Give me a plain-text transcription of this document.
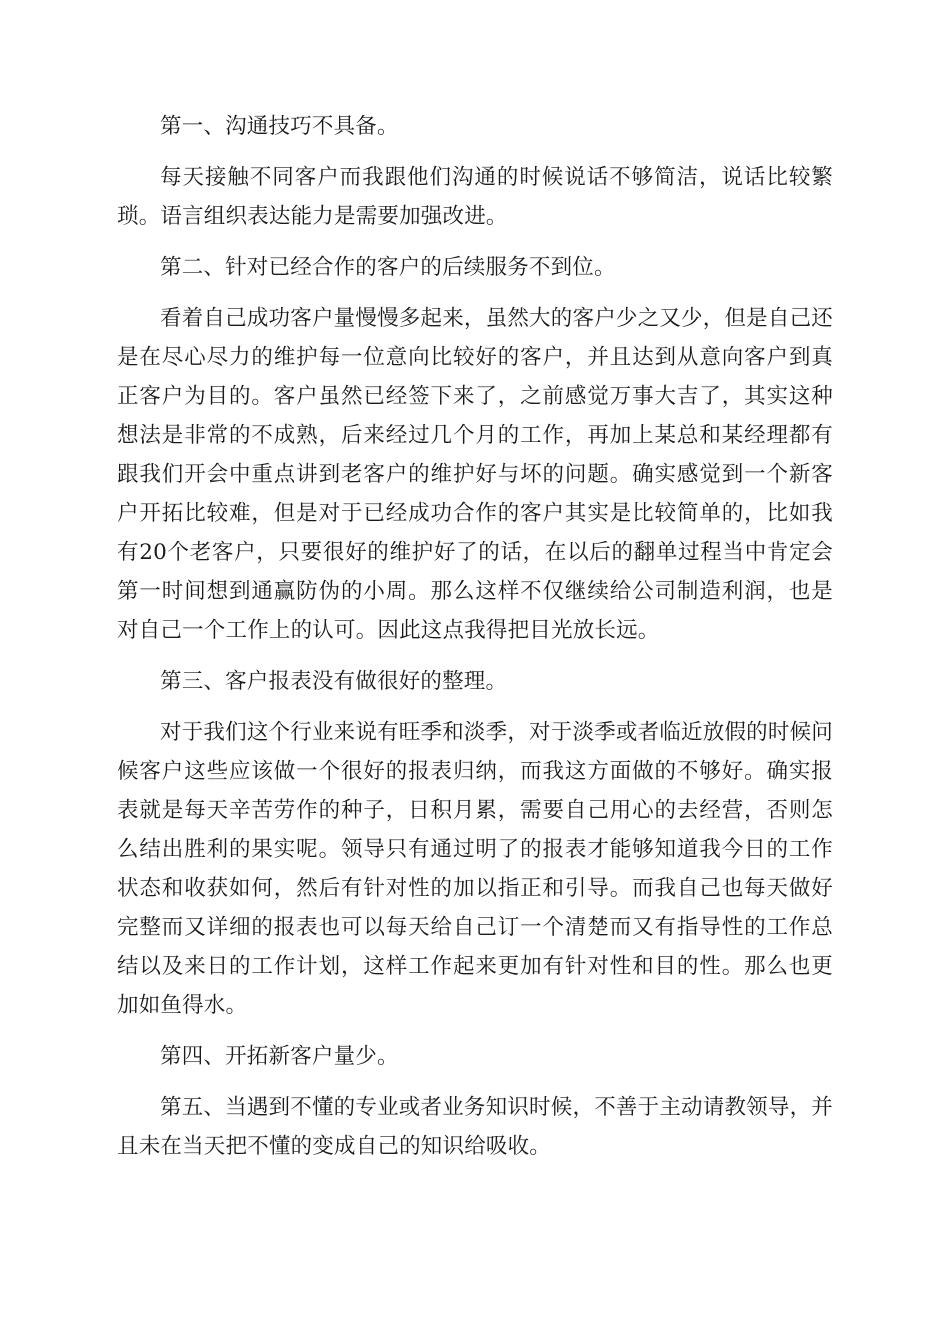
第一、沟通技巧不具备。

每天接触不同客户而我跟他们沟通的时候说话不够简洁，说话比较繁琐。语言组织表达能力是需要加强改进。

第二、针对已经合作的客户的后续服务不到位。

看着自己成功客户量慢慢多起来，虽然大的客户少之又少，但是自己还是在尽心尽力的维护每一位意向比较好的客户，并且达到从意向客户到真正客户为目的。客户虽然已经签下来了，之前感觉万事大吉了，其实这种想法是非常的不成熟，后来经过几个月的工作，再加上某总和某经理都有跟我们开会中重点讲到老客户的维护好与坏的问题。确实感觉到一个新客户开拓比较难，但是对于已经成功合作的客户其实是比较简单的，比如我有20个老客户，只要很好的维护好了的话，在以后的翻单过程当中肯定会第一时间想到通赢防伪的小周。那么这样不仅继续给公司制造利润，也是对自己一个工作上的认可。因此这点我得把目光放长远。

第三、客户报表没有做很好的整理。

对于我们这个行业来说有旺季和淡季，对于淡季或者临近放假的时候问候客户这些应该做一个很好的报表归纳，而我这方面做的不够好。确实报表就是每天辛苦劳作的种子，日积月累，需要自己用心的去经营，否则怎么结出胜利的果实呢。领导只有通过明了的报表才能够知道我今日的工作状态和收获如何，然后有针对性的加以指正和引导。而我自己也每天做好完整而又详细的报表也可以每天给自己订一个清楚而又有指导性的工作总结以及来日的工作计划，这样工作起来更加有针对性和目的性。那么也更加如鱼得水。

第四、开拓新客户量少。

第五、当遇到不懂的专业或者业务知识时候，不善于主动请教领导，并且未在当天把不懂的变成自己的知识给吸收。
